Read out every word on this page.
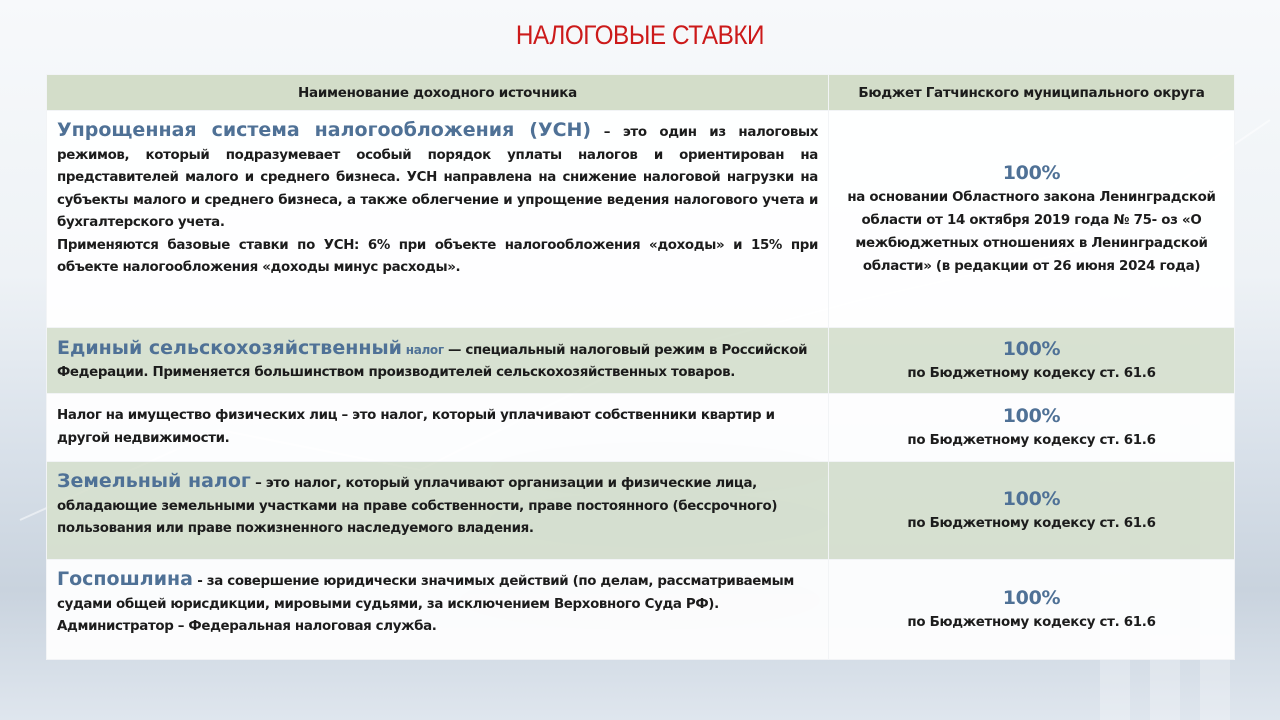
НАЛОГОВЫЕ СТАВКИ
Наименование доходного источника	Бюджет Гатчинского муниципального округа
Упрощенная система налогообложения (УСН) – это один из налоговых режимов, который подразумевает особый порядок уплаты налогов и ориентирован на представителей малого и среднего бизнеса. УСН направлена на снижение налоговой нагрузки на субъекты малого и среднего бизнеса, а также облегчение и упрощение ведения налогового учета и бухгалтерского учета.
Применяются базовые ставки по УСН: 6% при объекте налогообложения «доходы» и 15% при объекте налогообложения «доходы минус расходы».	100%
на основании Областного закона Ленинградской области от 14 октября 2019 года № 75- оз «О межбюджетных отношениях в Ленинградской области» (в редакции от 26 июня 2024 года)
Единый сельскохозяйственный налог — специальный налоговый режим в Российской Федерации. Применяется большинством производителей сельскохозяйственных товаров.	100%
по Бюджетному кодексу ст. 61.6
Налог на имущество физических лиц – это налог, который уплачивают собственники квартир и другой недвижимости.	100%
по Бюджетному кодексу ст. 61.6
Земельный налог – это налог, который уплачивают организации и физические лица, обладающие земельными участками на праве собственности, праве постоянного (бессрочного) пользования или праве пожизненного наследуемого владения.	100%
по Бюджетному кодексу ст. 61.6
Госпошлина - за совершение юридически значимых действий (по делам, рассматриваемым судами общей юрисдикции, мировыми судьями, за исключением Верховного Суда РФ).
Администратор – Федеральная налоговая служба.	100%
по Бюджетному кодексу ст. 61.6
